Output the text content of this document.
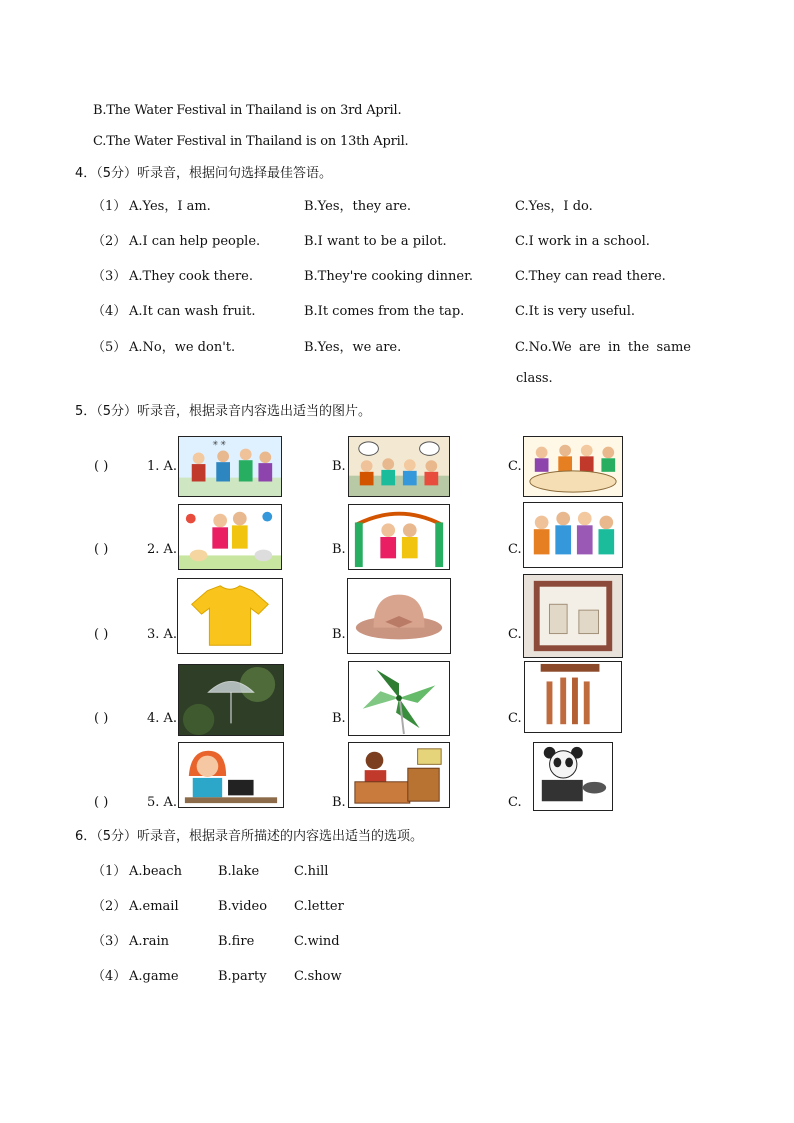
B.The Water Festival in Thailand is on 3rd April.
C.The Water Festival in Thailand is on 13th April.
4．（5分）听录音，根据问句选择最佳答语。
（1） A.Yes，I am.	B.Yes，they are.	C.Yes，I do.
（2） A.I can help people.	B.I want to be a pilot.	C.I work in a school.
（3） A.They cook there.	B.They're cooking dinner.	C.They can read there.
（4） A.It can wash fruit.	B.It comes from the tap.	C.It is very useful.
（5） A.No，we don't.	B.Yes，we are.	C.No.We are in the same
class.
5．（5分）听录音，根据录音内容选出适当的图片。
( )	1. A.	B.	C.
✳ ✳
( )	2. A.	B.	C.
( )	3. A.	B.	C.
( )	4. A.	B.	C.
( )	5. A.	B.	C.
6．（5分）听录音，根据录音所描述的内容选出适当的选项。
（1） A.beach	B.lake	C.hill
（2） A.email	B.video C.letter
（3） A.rain	B.fire	C.wind
（4） A.game	B.party C.show
